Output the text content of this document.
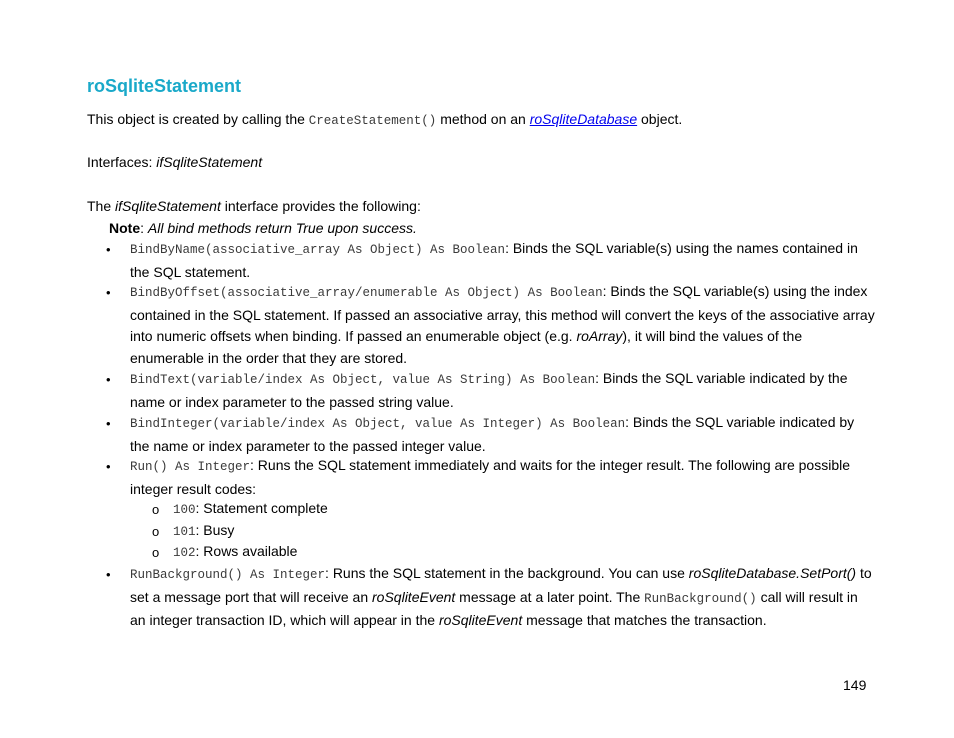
roSqliteStatement
This object is created by calling the CreateStatement() method on an roSqliteDatabase object.
Interfaces: ifSqliteStatement
The ifSqliteStatement interface provides the following:
Note: All bind methods return True upon success.
• BindByName(associative_array As Object) As Boolean: Binds the SQL variable(s) using the names contained in the SQL statement.
• BindByOffset(associative_array/enumerable As Object) As Boolean: Binds the SQL variable(s) using the index contained in the SQL statement. If passed an associative array, this method will convert the keys of the associative array into numeric offsets when binding. If passed an enumerable object (e.g. roArray), it will bind the values of the enumerable in the order that they are stored.
• BindText(variable/index As Object, value As String) As Boolean: Binds the SQL variable indicated by the name or index parameter to the passed string value.
• BindInteger(variable/index As Object, value As Integer) As Boolean: Binds the SQL variable indicated by the name or index parameter to the passed integer value.
• Run() As Integer: Runs the SQL statement immediately and waits for the integer result. The following are possible integer result codes:
o 100: Statement complete
o 101: Busy
o 102: Rows available
• RunBackground() As Integer: Runs the SQL statement in the background. You can use roSqliteDatabase.SetPort() to set a message port that will receive an roSqliteEvent message at a later point. The RunBackground() call will result in an integer transaction ID, which will appear in the roSqliteEvent message that matches the transaction.
149
